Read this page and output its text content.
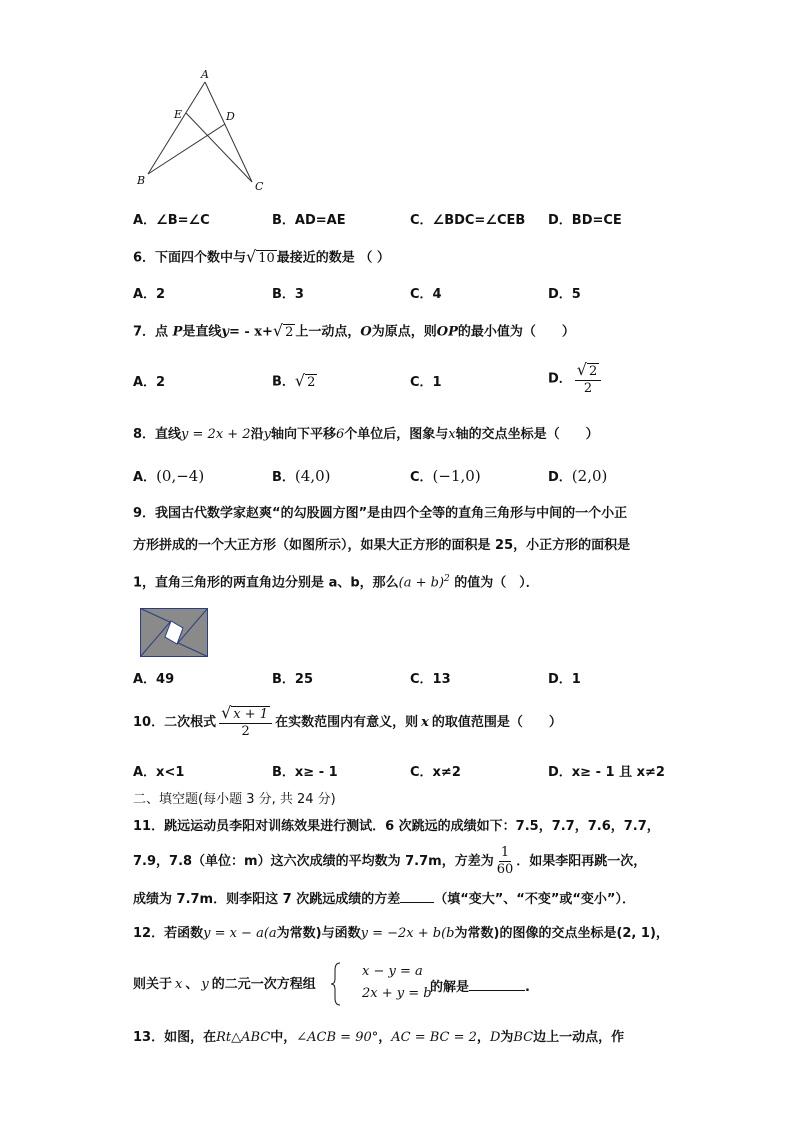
A
E	D
B	C
A．∠B=∠C	B．AD=AE	C．∠BDC=∠CEB D．BD=CE
6．下面四个数中与√ 10 最接近的数是 （ ）
A．2	B．3	C．4	D．5
7．点 P是直线y= - x+√ 2 上一动点，O为原点，则OP的最小值为（　　）
A．2	B．√ 2	C．1	D． $\frac{√ 2}{2}$
8．直线y = 2x + 2沿y轴向下平移6个单位后，图象与x轴的交点坐标是（　　）
A．(0,−4)	B．(4,0)	C．(−1,0)	D．(2,0)
9．我国古代数学家赵爽“的勾股圆方图”是由四个全等的直角三角形与中间的一个小正
方形拼成的一个大正方形（如图所示），如果大正方形的面积是 25，小正方形的面积是
1，直角三角形的两直角边分别是 a、b，那么$(a + b)^2$ 的值为（　）．
A．49	B．25	C．13	D．1
10．二次根式 $\frac{√ x + 1}{2}$ 在实数范围内有意义，则 x 的取值范围是（　　）
A．x<1	B．x≥ - 1	C．x≠2	D．x≥ - 1 且 x≠2
二、填空题(每小题 3 分, 共 24 分)
11．跳远运动员李阳对训练效果进行测试．6 次跳远的成绩如下：7.5，7.7，7.6，7.7，
7.9，7.8（单位：m）这六次成绩的平均数为 7.7m，方差为 $\frac{1}{60}$ ．如果李阳再跳一次，
成绩为 7.7m．则李阳这 7 次跳远成绩的方差	（填“变大”、“不变”或“变小”）．
12．若函数y = x − a(a为常数)与函数y = −2x + b(b为常数)的图像的交点坐标是(2, 1)，
则关于 x 、 y 的二元一次方程组
x − y = a
2x + y = b
的解是	.
13．如图，在Rt△ABC中，∠ACB = 90°，AC = BC = 2，D为BC边上一动点，作
